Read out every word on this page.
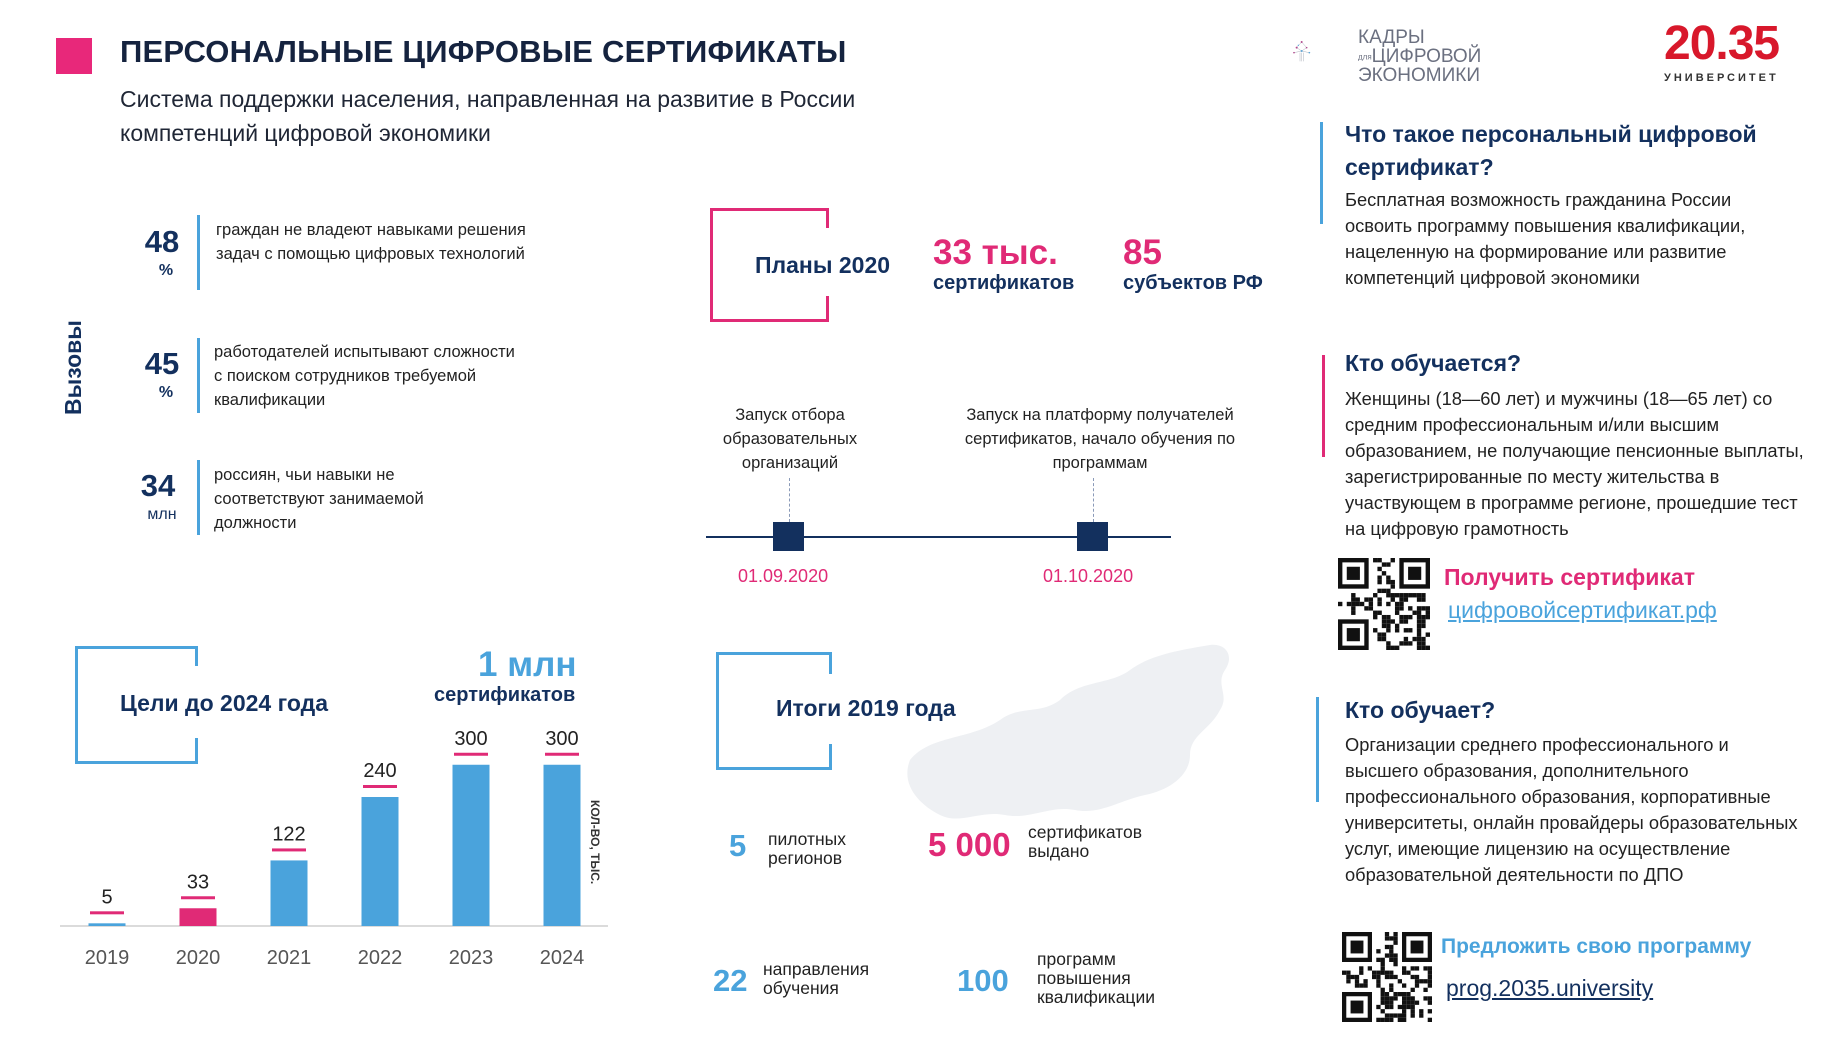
ПЕРСОНАЛЬНЫЕ ЦИФРОВЫЕ СЕРТИФИКАТЫ
Система поддержки населения, направленная на развитие в России компетенций цифровой экономики
КАДРЫ
дляЦИФРОВОЙ
ЭКОНОМИКИ
20.35
УНИВЕРСИТЕТ
Вызовы
48
%
граждан не владеют навыками решения задач с помощью цифровых технологий
45
%
работодателей испытывают сложности с поиском сотрудников требуемой квалификации
34
млн
россиян, чьи навыки не соответствуют занимаемой должности
Планы 2020 33 тыс.
сертификатов
85
субъектов РФ
Запуск отбора образовательных организаций
Запуск на платформу получателей сертификатов, начало обучения по программам
01.09.2020	01.10.2020
Цели до 2024 года
1 млн
сертификатов
5
2019
33
2020
122
2021
240
2022
300
2023
300
2024
КОЛ-ВО, ТЫС.
Итоги 2019 года
5 пилотных регионов	5 000 сертификатов выдано
22 направления обучения	100
программ повышения квалификации
Что такое персональный цифровой сертификат?
Бесплатная возможность гражданина России освоить программу повышения квалификации, нацеленную на формирование или развитие компетенций цифровой экономики
Кто обучается?
Женщины (18—60 лет) и мужчины (18—65 лет) со средним профессиональным и/или высшим образованием, не получающие пенсионные выплаты, зарегистрированные по месту жительства в участвующем в программе регионе, прошедшие тест на цифровую грамотность
Получить сертификат
цифровойсертификат.рф
Кто обучает?
Организации среднего профессионального и высшего образования, дополнительного профессионального образования, корпоративные университеты, онлайн провайдеры образовательных услуг, имеющие лицензию на осуществление образовательной деятельности по ДПО
Предложить свою программу
prog.2035.university
